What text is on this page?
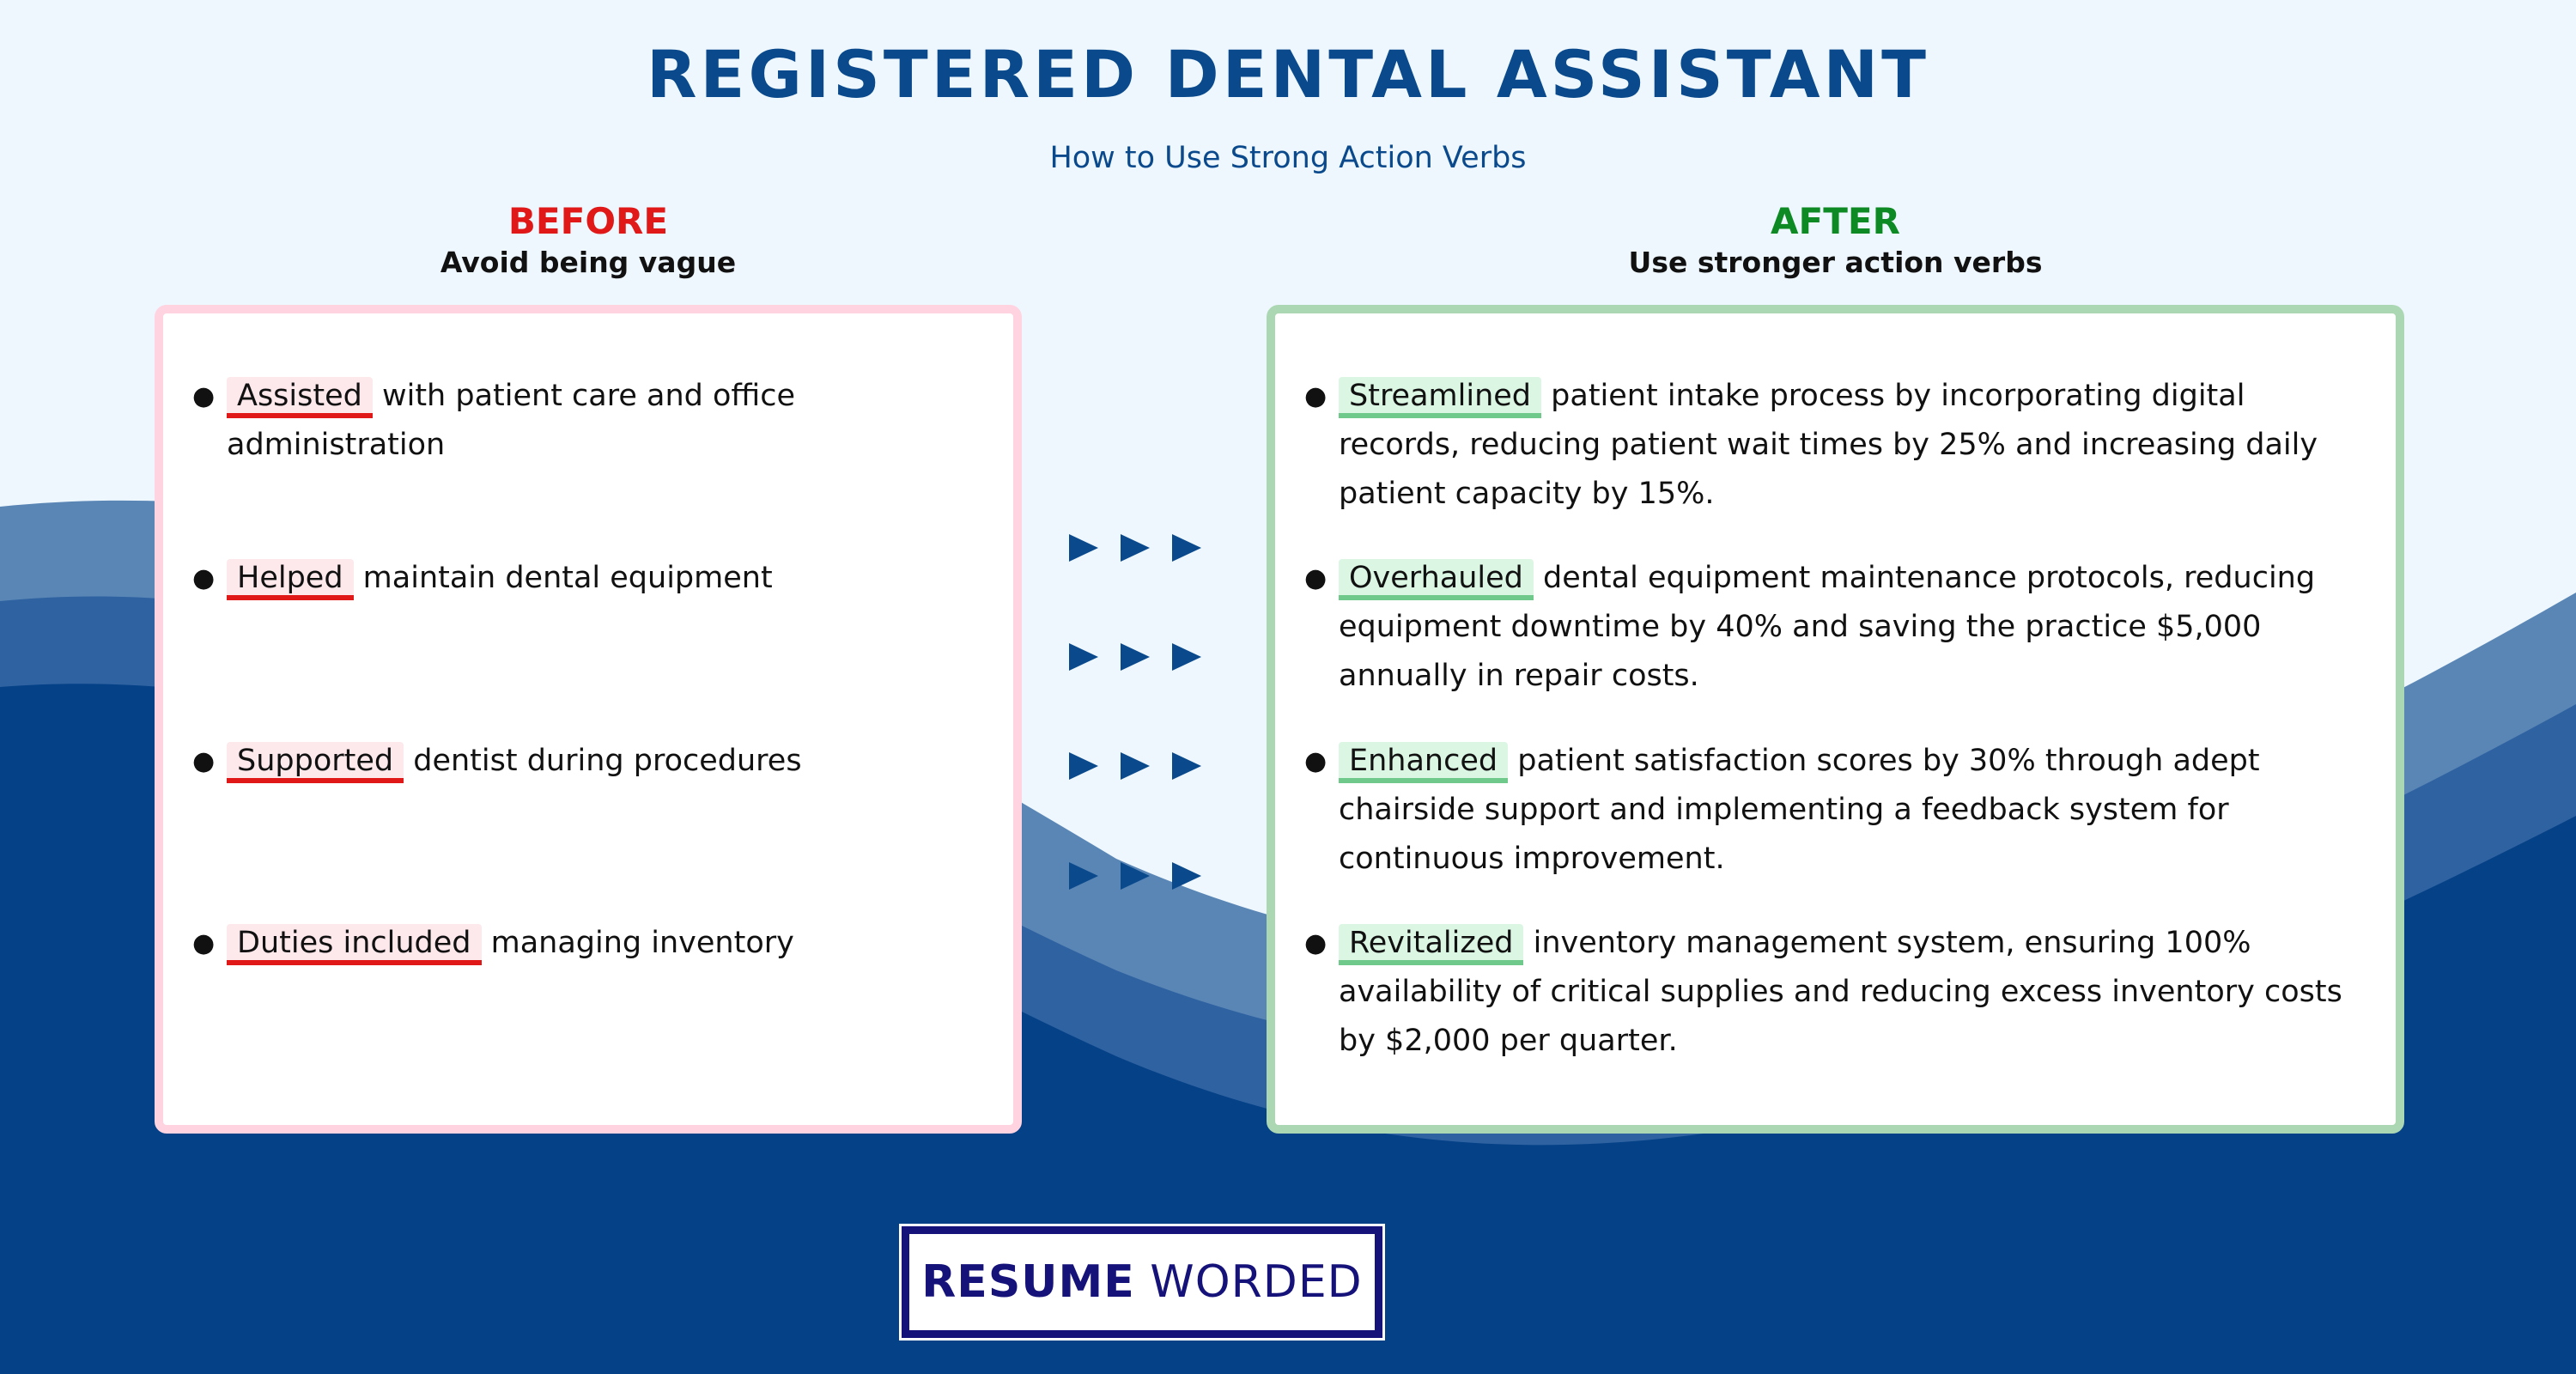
REGISTERED DENTAL ASSISTANT
How to Use Strong Action Verbs
BEFORE
Avoid being vague
AFTER
Use stronger action verbs
● Assisted with patient care and office administration
● Helped maintain dental equipment
● Supported dentist during procedures
● Duties included managing inventory
● Streamlined patient intake process by incorporating digital records, reducing patient wait times by 25% and increasing daily patient capacity by 15%.
● Overhauled dental equipment maintenance protocols, reducing equipment downtime by 40% and saving the practice $5,000 annually in repair costs.
● Enhanced patient satisfaction scores by 30% through adept chairside support and implementing a feedback system for continuous improvement.
● Revitalized inventory management system, ensuring 100% availability of critical supplies and reducing excess inventory costs by $2,000 per quarter.
RESUME WORDED
